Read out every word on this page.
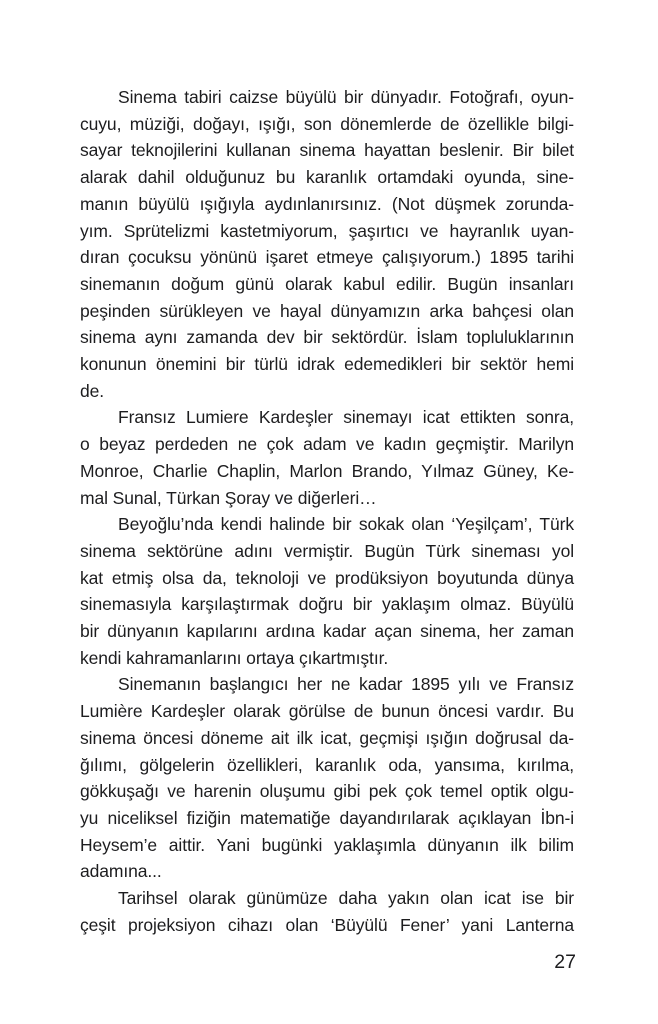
Sinema tabiri caizse büyülü bir dünyadır. Fotoğrafı, oyun-
cuyu, müziği, doğayı, ışığı, son dönemlerde de özellikle bilgi-
sayar teknojilerini kullanan sinema hayattan beslenir. Bir bilet
alarak dahil olduğunuz bu karanlık ortamdaki oyunda, sine-
manın büyülü ışığıyla aydınlanırsınız. (Not düşmek zorunda-
yım. Sprütelizmi kastetmiyorum, şaşırtıcı ve hayranlık uyan-
dıran çocuksu yönünü işaret etmeye çalışıyorum.) 1895 tarihi
sinemanın doğum günü olarak kabul edilir. Bugün insanları
peşinden sürükleyen ve hayal dünyamızın arka bahçesi olan
sinema aynı zamanda dev bir sektördür. İslam topluluklarının
konunun önemini bir türlü idrak edemedikleri bir sektör hemi
de.
Fransız Lumiere Kardeşler sinemayı icat ettikten sonra,
o beyaz perdeden ne çok adam ve kadın geçmiştir. Marilyn
Monroe, Charlie Chaplin, Marlon Brando, Yılmaz Güney, Ke-
mal Sunal, Türkan Şoray ve diğerleri…
Beyoğlu’nda kendi halinde bir sokak olan ‘Yeşilçam’, Türk
sinema sektörüne adını vermiştir. Bugün Türk sineması yol
kat etmiş olsa da, teknoloji ve prodüksiyon boyutunda dünya
sinemasıyla karşılaştırmak doğru bir yaklaşım olmaz. Büyülü
bir dünyanın kapılarını ardına kadar açan sinema, her zaman
kendi kahramanlarını ortaya çıkartmıştır.
Sinemanın başlangıcı her ne kadar 1895 yılı ve Fransız
Lumière Kardeşler olarak görülse de bunun öncesi vardır. Bu
sinema öncesi döneme ait ilk icat, geçmişi ışığın doğrusal da-
ğılımı, gölgelerin özellikleri, karanlık oda, yansıma, kırılma,
gökkuşağı ve harenin oluşumu gibi pek çok temel optik olgu-
yu niceliksel fiziğin matematiğe dayandırılarak açıklayan İbn-i
Heysem’e aittir. Yani bugünki yaklaşımla dünyanın ilk bilim
adamına...
Tarihsel olarak günümüze daha yakın olan icat ise bir
çeşit projeksiyon cihazı olan ‘Büyülü Fener’ yani Lanterna
27
